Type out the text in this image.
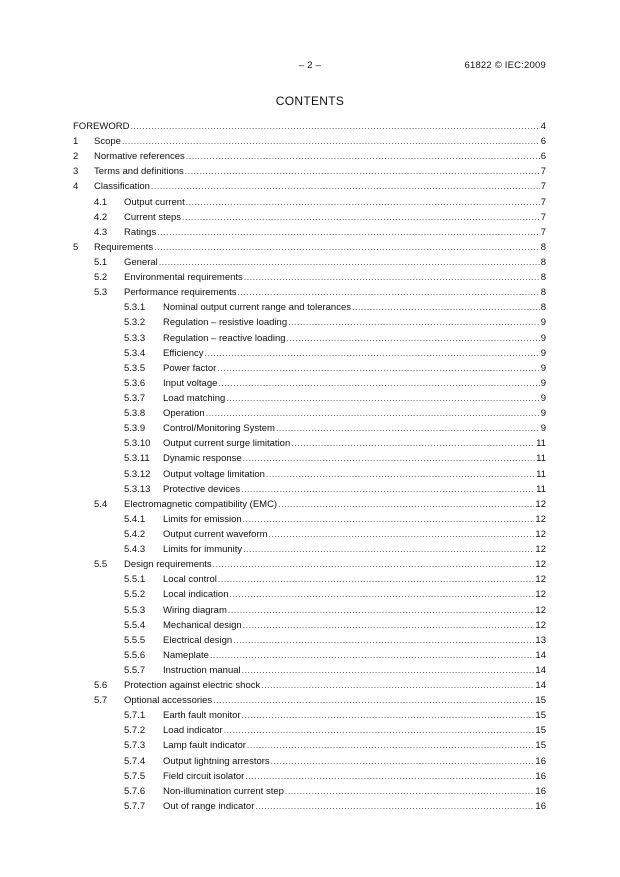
– 2 –	61822 © IEC:2009
CONTENTS
FOREWORD .....	4
1 Scope .....	6
2 Normative references .....	6
3 Terms and definitions .....	7
4 Classification .....	7
4.1 Output current .....	7
4.2 Current steps .....	7
4.3 Ratings .....	7
5 Requirements .....	8
5.1 General .....	8
5.2 Environmental requirements .....	8
5.3 Performance requirements .....	8
5.3.1 Nominal output current range and tolerances .....	8
5.3.2 Regulation – resistive loading .....	9
5.3.3 Regulation – reactive loading .....	9
5.3.4 Efficiency .....	9
5.3.5 Power factor .....	9
5.3.6 Input voltage .....	9
5.3.7 Load matching .....	9
5.3.8 Operation .....	9
5.3.9 Control/Monitoring System .....	9
5.3.10 Output current surge limitation .....	11
5.3.11 Dynamic response .....	11
5.3.12 Output voltage limitation .....	11
5.3.13 Protective devices .....	11
5.4 Electromagnetic compatibility (EMC) .....	12
5.4.1 Limits for emission .....	12
5.4.2 Output current waveform .....	12
5.4.3 Limits for immunity .....	12
5.5 Design requirements .....	12
5.5.1 Local control .....	12
5.5.2 Local indication .....	12
5.5.3 Wiring diagram .....	12
5.5.4 Mechanical design .....	12
5.5.5 Electrical design .....	13
5.5.6 Nameplate .....	14
5.5.7 Instruction manual .....	14
5.6 Protection against electric shock .....	14
5.7 Optional accessories .....	15
5.7.1 Earth fault monitor .....	15
5.7.2 Load indicator .....	15
5.7.3 Lamp fault indicator .....	15
5.7.4 Output lightning arrestors .....	16
5.7.5 Field circuit isolator .....	16
5.7.6 Non-illumination current step .....	16
5.7.7 Out of range indicator .....	16
